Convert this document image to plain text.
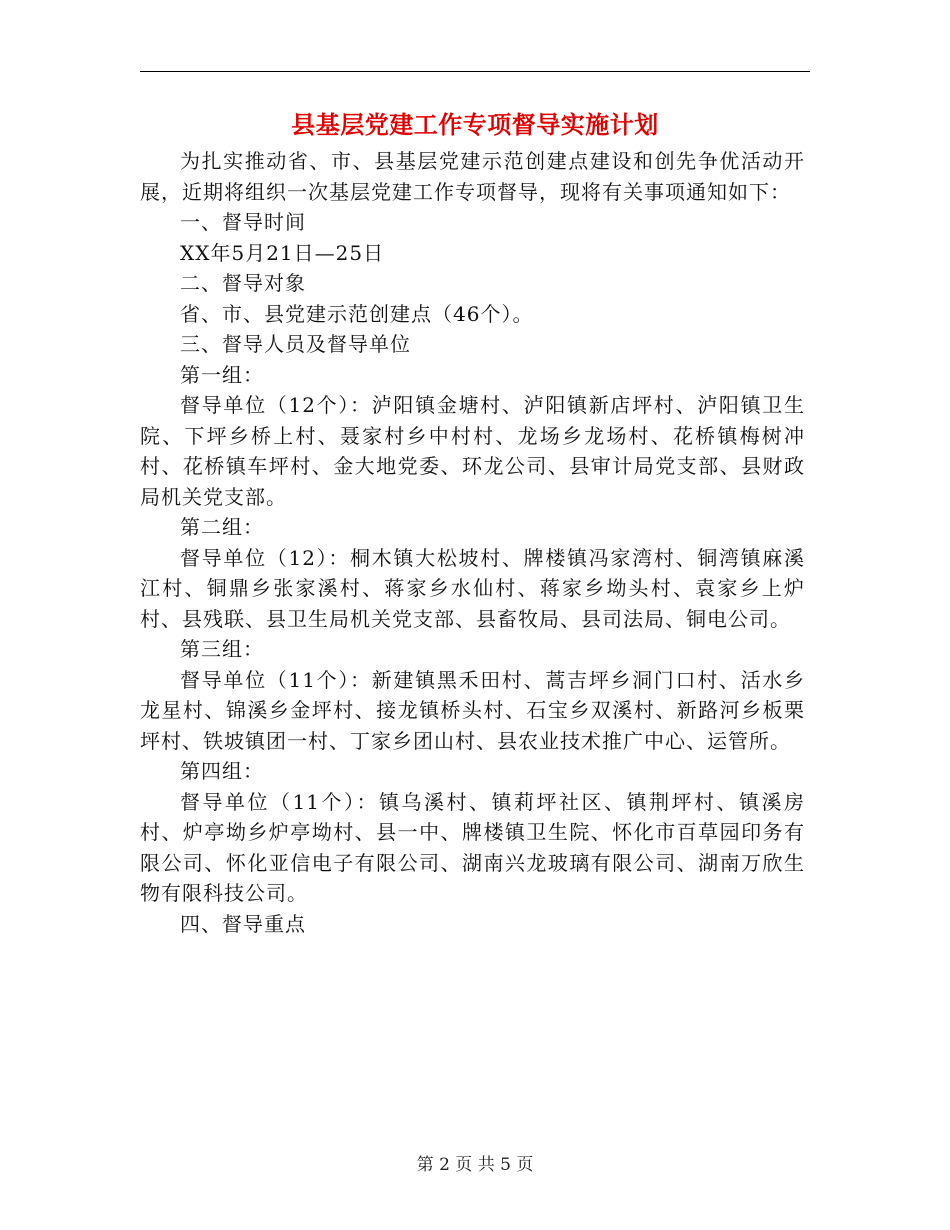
县基层党建工作专项督导实施计划

为扎实推动省、市、县基层党建示范创建点建设和创先争优活动开展，近期将组织一次基层党建工作专项督导，现将有关事项通知如下：

一、督导时间

XX年5月21日—25日

二、督导对象

省、市、县党建示范创建点（46个）。

三、督导人员及督导单位

第一组：

督导单位（12个）：泸阳镇金塘村、泸阳镇新店坪村、泸阳镇卫生院、下坪乡桥上村、聂家村乡中村村、龙场乡龙场村、花桥镇梅树冲村、花桥镇车坪村、金大地党委、环龙公司、县审计局党支部、县财政局机关党支部。

第二组：

督导单位（12）：桐木镇大松坡村、牌楼镇冯家湾村、铜湾镇麻溪江村、铜鼎乡张家溪村、蒋家乡水仙村、蒋家乡坳头村、袁家乡上炉村、县残联、县卫生局机关党支部、县畜牧局、县司法局、铜电公司。

第三组：

督导单位（11个）：新建镇黑禾田村、蒿吉坪乡洞门口村、活水乡龙星村、锦溪乡金坪村、接龙镇桥头村、石宝乡双溪村、新路河乡板栗坪村、铁坡镇团一村、丁家乡团山村、县农业技术推广中心、运管所。

第四组：

督导单位（11个）：镇乌溪村、镇莉坪社区、镇荆坪村、镇溪房村、炉亭坳乡炉亭坳村、县一中、牌楼镇卫生院、怀化市百草园印务有限公司、怀化亚信电子有限公司、湖南兴龙玻璃有限公司、湖南万欣生物有限科技公司。

四、督导重点

第 2 页 共 5 页
